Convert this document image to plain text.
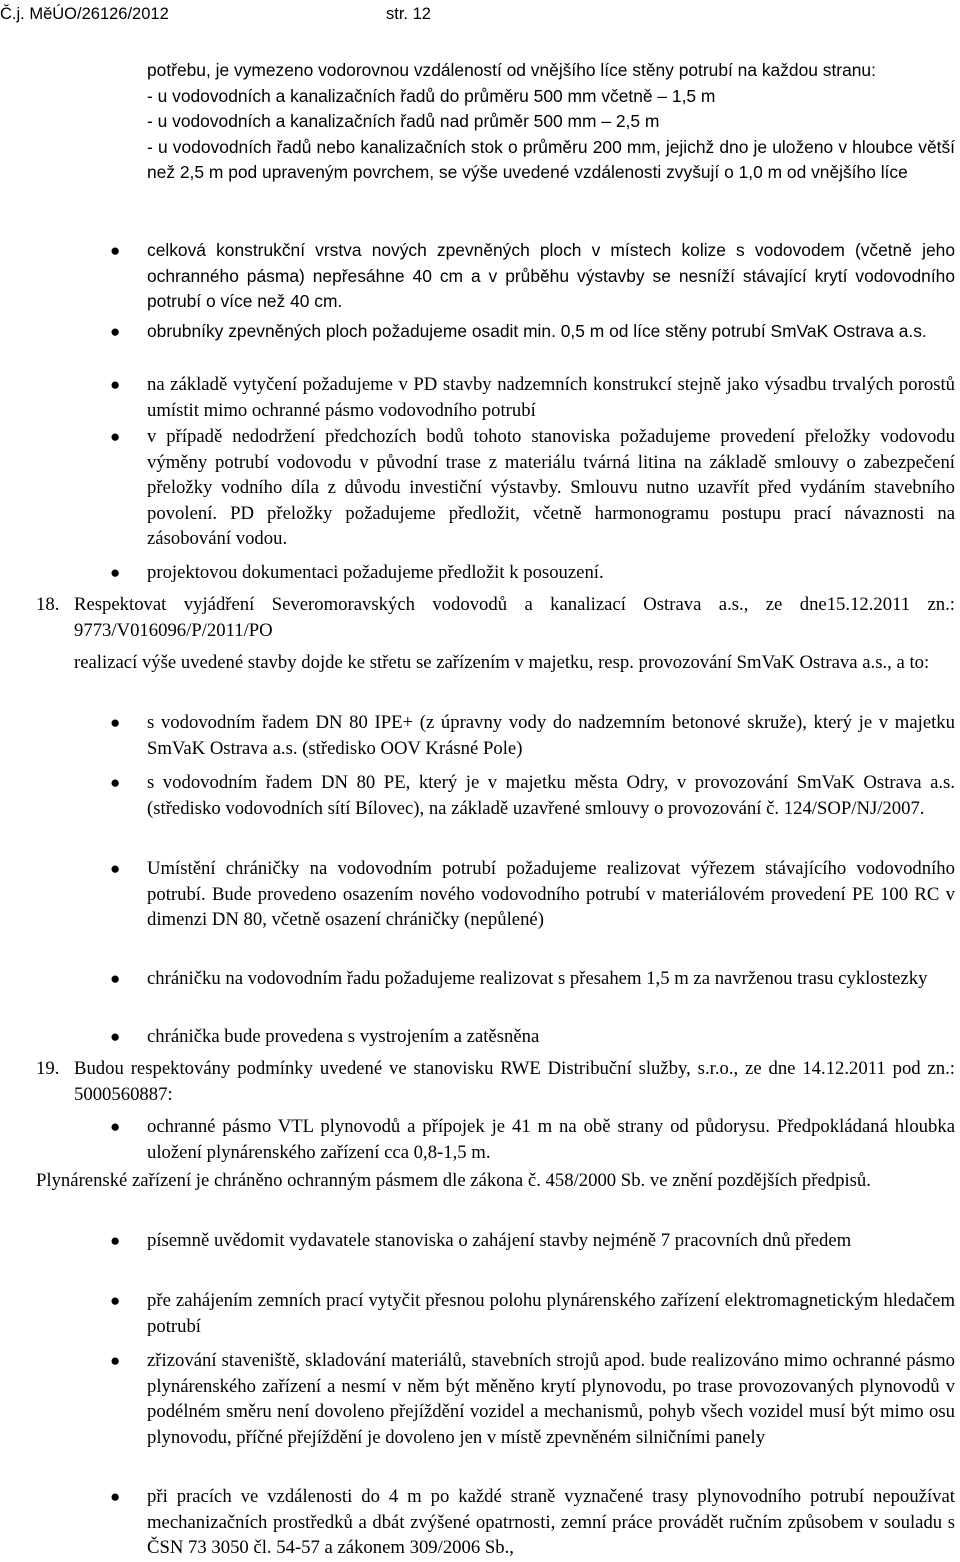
Č.j. MěÚO/26126/2012	str. 12

potřebu, je vymezeno vodorovnou vzdáleností od vnějšího líce stěny potrubí na každou stranu:

- u vodovodních a kanalizačních řadů do průměru 500 mm včetně – 1,5 m

- u vodovodních a kanalizačních řadů nad průměr 500 mm – 2,5 m

- u vodovodních řadů nebo kanalizačních stok o průměru 200 mm, jejichž dno je uloženo v hloubce větší než 2,5 m pod upraveným povrchem, se výše uvedené vzdálenosti zvyšují o 1,0 m od vnějšího líce

● celková konstrukční vrstva nových zpevněných ploch v místech kolize s vodovodem (včetně jeho ochranného pásma) nepřesáhne 40 cm a v průběhu výstavby se nesníží stávající krytí vodovodního potrubí o více než 40 cm.
● obrubníky zpevněných ploch požadujeme osadit min. 0,5 m od líce stěny potrubí SmVaK Ostrava a.s.
● na základě vytyčení požadujeme v PD stavby nadzemních konstrukcí stejně jako výsadbu trvalých porostů umístit mimo ochranné pásmo vodovodního potrubí
● v případě nedodržení předchozích bodů tohoto stanoviska požadujeme provedení přeložky vodovodu výměny potrubí vodovodu v původní trase z materiálu tvárná litina na základě smlouvy o zabezpečení přeložky vodního díla z důvodu investiční výstavby. Smlouvu nutno uzavřít před vydáním stavebního povolení. PD přeložky požadujeme předložit, včetně harmonogramu postupu prací návaznosti na zásobování vodou.
● projektovou dokumentaci požadujeme předložit k posouzení.
18. Respektovat vyjádření Severomoravských vodovodů a kanalizací Ostrava a.s., ze dne15.12.2011 zn.: 9773/V016096/P/2011/PO
realizací výše uvedené stavby dojde ke střetu se zařízením v majetku, resp. provozování SmVaK Ostrava a.s., a to:
● s vodovodním řadem DN 80 IPE+ (z úpravny vody do nadzemním betonové skruže), který je v majetku SmVaK Ostrava a.s. (středisko OOV Krásné Pole)
● s vodovodním řadem DN 80 PE, který je v majetku města Odry, v provozování SmVaK Ostrava a.s. (středisko vodovodních sítí Bílovec), na základě uzavřené smlouvy o provozování č. 124/SOP/NJ/2007.
● Umístění chráničky na vodovodním potrubí požadujeme realizovat výřezem stávajícího vodovodního potrubí. Bude provedeno osazením nového vodovodního potrubí v materiálovém provedení PE 100 RC v dimenzi DN 80, včetně osazení chráničky (nepůlené)
● chráničku na vodovodním řadu požadujeme realizovat s přesahem 1,5 m za navrženou trasu cyklostezky
● chránička bude provedena s vystrojením a zatěsněna
19. Budou respektovány podmínky uvedené ve stanovisku RWE Distribuční služby, s.r.o., ze dne 14.12.2011 pod zn.: 5000560887:
● ochranné pásmo VTL plynovodů a přípojek je 41 m na obě strany od půdorysu. Předpokládaná hloubka uložení plynárenského zařízení cca 0,8-1,5 m.
Plynárenské zařízení je chráněno ochranným pásmem dle zákona č. 458/2000 Sb. ve znění pozdějších předpisů.
● písemně uvědomit vydavatele stanoviska o zahájení stavby nejméně 7 pracovních dnů předem
● pře zahájením zemních prací vytyčit přesnou polohu plynárenského zařízení elektromagnetickým hledačem potrubí
● zřizování staveniště, skladování materiálů, stavebních strojů apod. bude realizováno mimo ochranné pásmo plynárenského zařízení a nesmí v něm být měněno krytí plynovodu, po trase provozovaných plynovodů v podélném směru není dovoleno přejíždění vozidel a mechanismů, pohyb všech vozidel musí být mimo osu plynovodu, příčné přejíždění je dovoleno jen v místě zpevněném silničními panely
● při pracích ve vzdálenosti do 4 m po každé straně vyznačené trasy plynovodního potrubí nepoužívat mechanizačních prostředků a dbát zvýšené opatrnosti, zemní práce provádět ručním způsobem v souladu s ČSN 73 3050 čl. 54-57 a zákonem 309/2006 Sb.,
